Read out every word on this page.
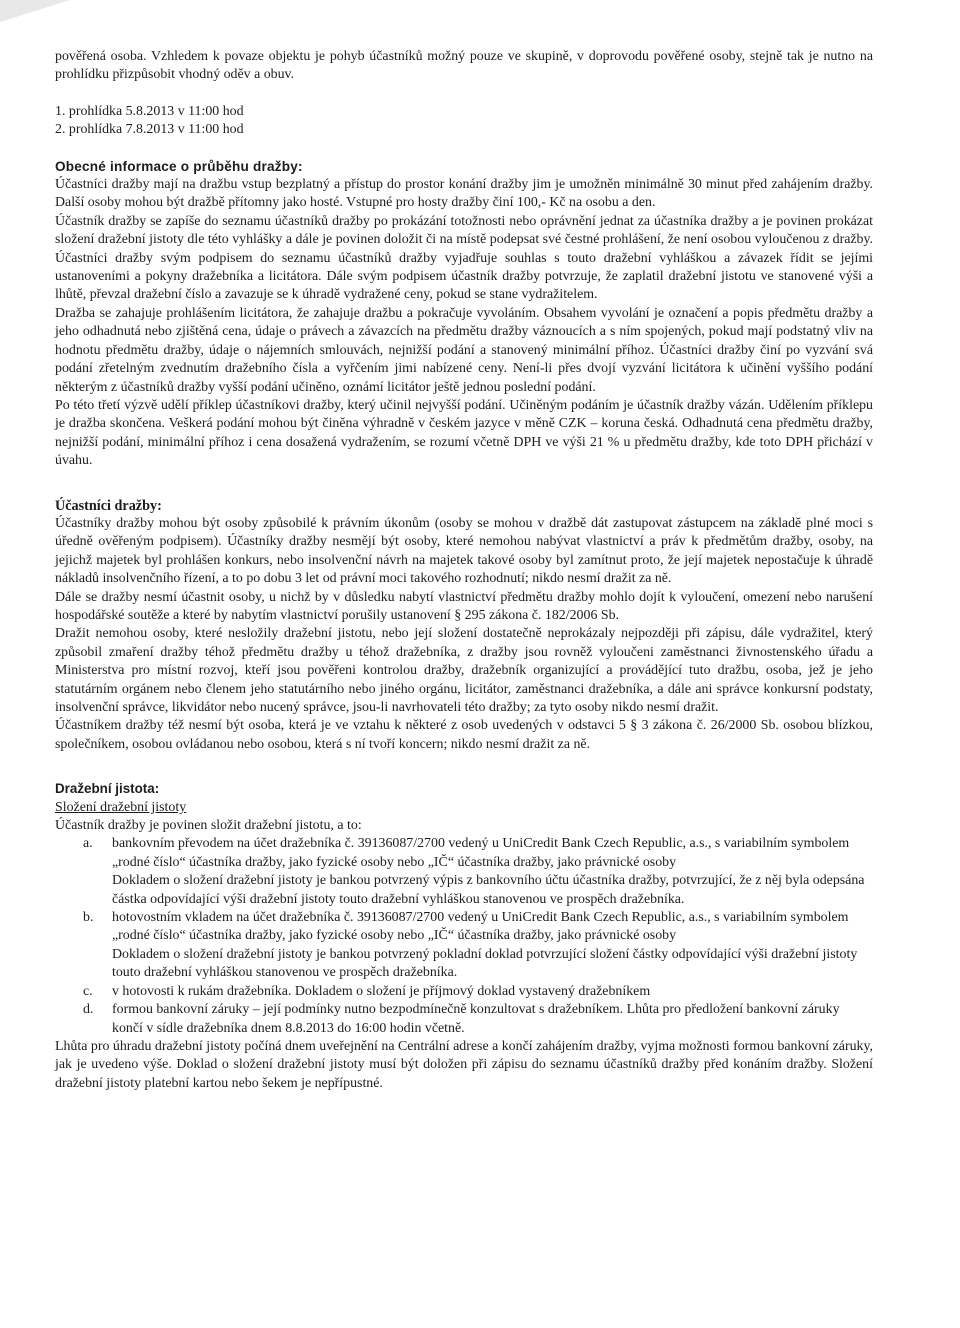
pověřená osoba. Vzhledem k povaze objektu je pohyb účastníků možný pouze ve skupině, v doprovodu pověřené osoby, stejně tak je nutno na prohlídku přizpůsobit vhodný oděv a obuv.

1. prohlídka 5.8.2013 v 11:00 hod

2. prohlídka 7.8.2013 v 11:00 hod

Obecné informace o průběhu dražby:

Účastníci dražby mají na dražbu vstup bezplatný a přístup do prostor konání dražby jim je umožněn minimálně 30 minut před zahájením dražby. Další osoby mohou být dražbě přítomny jako hosté. Vstupné pro hosty dražby činí 100,- Kč na osobu a den.

Účastník dražby se zapíše do seznamu účastníků dražby po prokázání totožnosti nebo oprávnění jednat za účastníka dražby a je povinen prokázat složení dražební jistoty dle této vyhlášky a dále je povinen doložit či na místě podepsat své čestné prohlášení, že není osobou vyloučenou z dražby. Účastníci dražby svým podpisem do seznamu účastníků dražby vyjadřuje souhlas s touto dražební vyhláškou a závazek řídit se jejími ustanoveními a pokyny dražebníka a licitátora. Dále svým podpisem účastník dražby potvrzuje, že zaplatil dražební jistotu ve stanovené výši a lhůtě, převzal dražební číslo a zavazuje se k úhradě vydražené ceny, pokud se stane vydražitelem.

Dražba se zahajuje prohlášením licitátora, že zahajuje dražbu a pokračuje vyvoláním. Obsahem vyvolání je označení a popis předmětu dražby a jeho odhadnutá nebo zjištěná cena, údaje o právech a závazcích na předmětu dražby váznoucích a s ním spojených, pokud mají podstatný vliv na hodnotu předmětu dražby, údaje o nájemních smlouvách, nejnižší podání a stanovený minimální příhoz. Účastníci dražby činí po vyzvání svá podání zřetelným zvednutím dražebního čísla a vyřčením jimi nabízené ceny. Není-li přes dvojí vyzvání licitátora k učinění vyššího podání některým z účastníků dražby vyšší podání učiněno, oznámí licitátor ještě jednou poslední podání.

Po této třetí výzvě udělí příklep účastníkovi dražby, který učinil nejvyšší podání. Učiněným podáním je účastník dražby vázán. Udělením příklepu je dražba skončena. Veškerá podání mohou být činěna výhradně v českém jazyce v měně CZK – koruna česká. Odhadnutá cena předmětu dražby, nejnižší podání, minimální příhoz i cena dosažená vydražením, se rozumí včetně DPH ve výši 21 % u předmětu dražby, kde toto DPH přichází v úvahu.

Účastníci dražby:

Účastníky dražby mohou být osoby způsobilé k právním úkonům (osoby se mohou v dražbě dát zastupovat zástupcem na základě plné moci s úředně ověřeným podpisem). Účastníky dražby nesmějí být osoby, které nemohou nabývat vlastnictví a práv k předmětům dražby, osoby, na jejichž majetek byl prohlášen konkurs, nebo insolvenční návrh na majetek takové osoby byl zamítnut proto, že její majetek nepostačuje k úhradě nákladů insolvenčního řízení, a to po dobu 3 let od právní moci takového rozhodnutí; nikdo nesmí dražit za ně.

Dále se dražby nesmí účastnit osoby, u nichž by v důsledku nabytí vlastnictví předmětu dražby mohlo dojít k vyloučení, omezení nebo narušení hospodářské soutěže a které by nabytím vlastnictví porušily ustanovení § 295 zákona č. 182/2006 Sb.

Dražit nemohou osoby, které nesložily dražební jistotu, nebo její složení dostatečně neprokázaly nejpozději při zápisu, dále vydražitel, který způsobil zmaření dražby téhož předmětu dražby u téhož dražebníka, z dražby jsou rovněž vyloučeni zaměstnanci živnostenského úřadu a Ministerstva pro místní rozvoj, kteří jsou pověřeni kontrolou dražby, dražebník organizující a provádějící tuto dražbu, osoba, jež je jeho statutárním orgánem nebo členem jeho statutárního nebo jiného orgánu, licitátor, zaměstnanci dražebníka, a dále ani správce konkursní podstaty, insolvenční správce, likvidátor nebo nucený správce, jsou-li navrhovateli této dražby; za tyto osoby nikdo nesmí dražit.

Účastníkem dražby též nesmí být osoba, která je ve vztahu k některé z osob uvedených v odstavci 5 § 3 zákona č. 26/2000 Sb. osobou blízkou, společníkem, osobou ovládanou nebo osobou, která s ní tvoří koncern; nikdo nesmí dražit za ně.

Dražební jistota:

Složení dražební jistoty

Účastník dražby je povinen složit dražební jistotu, a to:

a.	bankovním převodem na účet dražebníka č. 39136087/2700 vedený u UniCredit Bank Czech Republic, a.s., s variabilním symbolem „rodné číslo“ účastníka dražby, jako fyzické osoby nebo „IČ“ účastníka dražby, jako právnické osoby

Dokladem o složení dražební jistoty je bankou potvrzený výpis z bankovního účtu účastníka dražby, potvrzující, že z něj byla odepsána částka odpovídající výši dražební jistoty touto dražební vyhláškou stanovenou ve prospěch dražebníka.

b.	hotovostním vkladem na účet dražebníka č. 39136087/2700 vedený u UniCredit Bank Czech Republic, a.s., s variabilním symbolem „rodné číslo“ účastníka dražby, jako fyzické osoby nebo „IČ“ účastníka dražby, jako právnické osoby

Dokladem o složení dražební jistoty je bankou potvrzený pokladní doklad potvrzující složení částky odpovídající výši dražební jistoty touto dražební vyhláškou stanovenou ve prospěch dražebníka.

c.	v hotovosti k rukám dražebníka. Dokladem o složení je příjmový doklad vystavený dražebníkem

d.	formou bankovní záruky – její podmínky nutno bezpodmínečně konzultovat s dražebníkem. Lhůta pro předložení bankovní záruky končí v sídle dražebníka dnem 8.8.2013 do 16:00 hodin včetně.

Lhůta pro úhradu dražební jistoty počíná dnem uveřejnění na Centrální adrese a končí zahájením dražby, vyjma možnosti formou bankovní záruky, jak je uvedeno výše. Doklad o složení dražební jistoty musí být doložen při zápisu do seznamu účastníků dražby před konáním dražby. Složení dražební jistoty platební kartou nebo šekem je nepřípustné.
